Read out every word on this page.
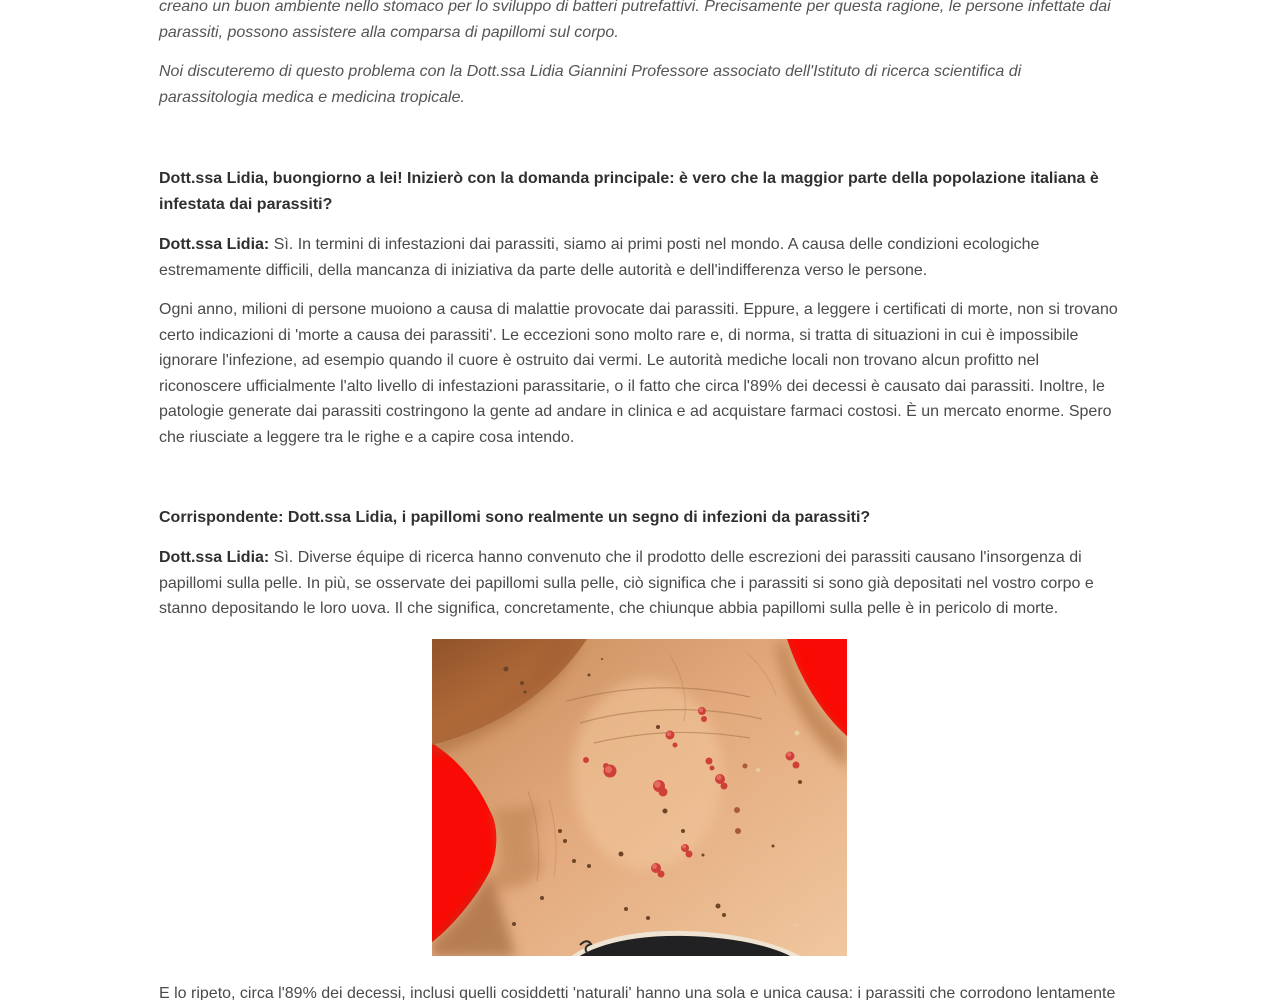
creano un buon ambiente nello stomaco per lo sviluppo di batteri putrefattivi. Precisamente per questa ragione, le persone infettate dai parassiti, possono assistere alla comparsa di papillomi sul corpo.

Noi discuteremo di questo problema con la Dott.ssa Lidia Giannini Professore associato dell'Istituto di ricerca scientifica di parassitologia medica e medicina tropicale.

Dott.ssa Lidia, buongiorno a lei! Inizierò con la domanda principale: è vero che la maggior parte della popolazione italiana è infestata dai parassiti?

Dott.ssa Lidia: Sì. In termini di infestazioni dai parassiti, siamo ai primi posti nel mondo. A causa delle condizioni ecologiche estremamente difficili, della mancanza di iniziativa da parte delle autorità e dell'indifferenza verso le persone.

Ogni anno, milioni di persone muoiono a causa di malattie provocate dai parassiti. Eppure, a leggere i certificati di morte, non si trovano certo indicazioni di 'morte a causa dei parassiti'. Le eccezioni sono molto rare e, di norma, si tratta di situazioni in cui è impossibile ignorare l'infezione, ad esempio quando il cuore è ostruito dai vermi. Le autorità mediche locali non trovano alcun profitto nel riconoscere ufficialmente l'alto livello di infestazioni parassitarie, o il fatto che circa l'89% dei decessi è causato dai parassiti. Inoltre, le patologie generate dai parassiti costringono la gente ad andare in clinica e ad acquistare farmaci costosi. È un mercato enorme. Spero che riusciate a leggere tra le righe e a capire cosa intendo.

Corrispondente: Dott.ssa Lidia, i papillomi sono realmente un segno di infezioni da parassiti?

Dott.ssa Lidia: Sì. Diverse équipe di ricerca hanno convenuto che il prodotto delle escrezioni dei parassiti causano l'insorgenza di papillomi sulla pelle. In più, se osservate dei papillomi sulla pelle, ciò significa che i parassiti si sono già depositati nel vostro corpo e stanno depositando le loro uova. Il che significa, concretamente, che chiunque abbia papillomi sulla pelle è in pericolo di morte.

E lo ripeto, circa l'89% dei decessi, inclusi quelli cosiddetti 'naturali' hanno una sola e unica causa: i parassiti che corrodono lentamente
